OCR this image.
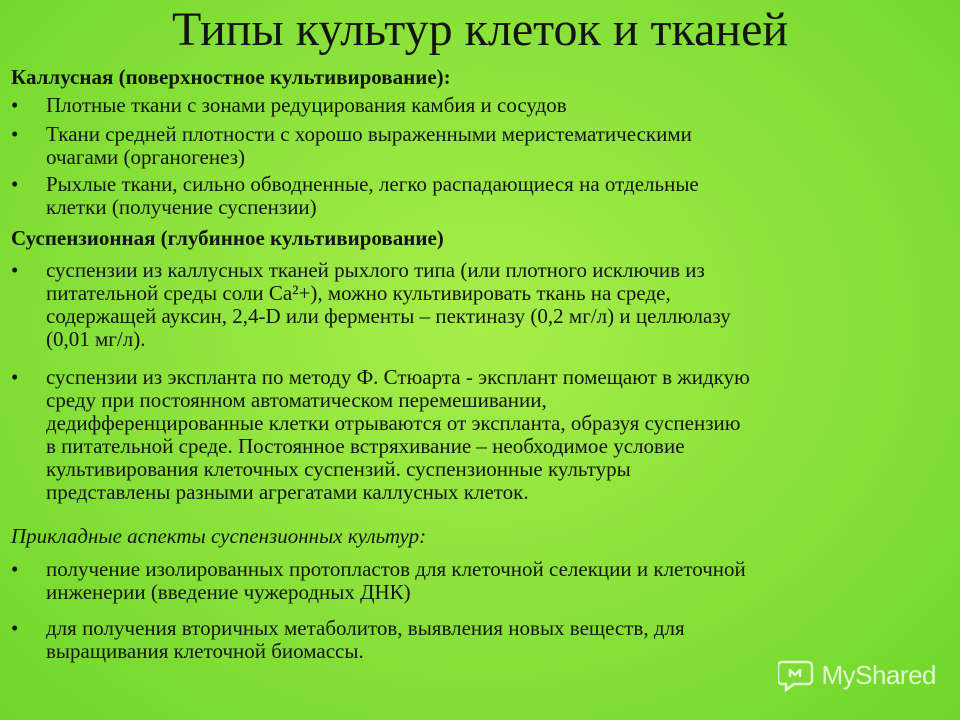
Типы культур клеток и тканей
Каллусная (поверхностное культивирование):
•	Плотные ткани с зонами редуцирования камбия и сосудов
•	Ткани средней плотности с хорошо выраженными меристематическими
очагами (органогенез)
•	Рыхлые ткани, сильно обводненные, легко распадающиеся на отдельные
клетки (получение суспензии)
Суспензионная (глубинное культивирование)
•	суспензии из каллусных тканей рыхлого типа (или плотного исключив из
питательной среды соли Ca²+), можно культивировать ткань на среде,
содержащей ауксин, 2,4-D или ферменты – пектиназу (0,2 мг/л) и целлюлазу
(0,01 мг/л).
•	суспензии из экспланта по методу Ф. Стюарта - эксплант помещают в жидкую
среду при постоянном автоматическом перемешивании,
дедифференцированные клетки отрываются от эксплантa, образуя суспензию
в питательной среде. Постоянное встряхивание – необходимое условие
культивирования клеточных суспензий. суспензионные культуры
представлены разными агрегатами каллусных клеток.
Прикладные аспекты суспензионных культур:
•	получение изолированных протопластов для клеточной селекции и клеточной
инженерии (введение чужеродных ДНК)
•	для получения вторичных метаболитов, выявления новых веществ, для
выращивания клеточной биомассы.
MyShared
